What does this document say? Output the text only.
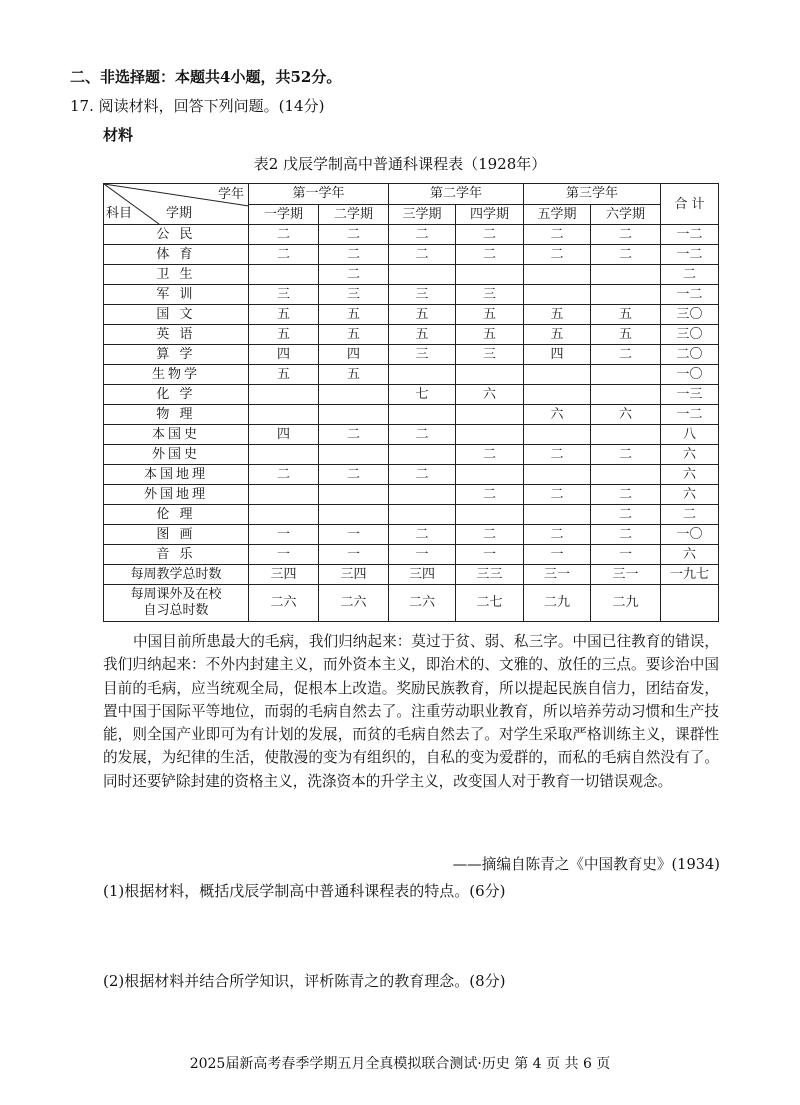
二、非选择题：本题共4小题，共52分。
17. 阅读材料，回答下列问题。(14分)
材料
表2 戊辰学制高中普通科课程表（1928年）
学年
科目 学期	第一学年		第二学年		第三学年		合 计
	一学期	二学期	三学期	四学期	五学期	六学期	
公 民	二	二	二	二	二	二	一二
体 育	二	二	二	二	二	二	一二
卫 生		二					二
军 训	三	三	三	三			一二
国 文	五	五	五	五	五	五	三〇
英 语	五	五	五	五	五	五	三〇
算 学	四	四	三	三	四	二	二〇
生物学	五	五					一〇
化 学			七	六			一三
物 理					六	六	一二
本国史	四	二	二				八
外国史				二	二	二	六
本国地理	二	二	二				六
外国地理				二	二	二	六
伦 理						二	二
图 画	一	一	二	二	二	二	一〇
音 乐	一	一	一	一	一	一	六
每周教学总时数	三四	三四	三四	三三	三一	三一	一九七
每周课外及在校
自习总时数	二六	二六	二六	二七	二九	二九	
中国目前所患最大的毛病，我们归纳起来：莫过于贫、弱、私三字。中国已往教育的错误，我们归纳起来：不外内封建主义，而外资本主义，即治术的、文雅的、放任的三点。要诊治中国目前的毛病，应当统观全局，促根本上改造。奖励民族教育，所以提起民族自信力，团结奋发，置中国于国际平等地位，而弱的毛病自然去了。注重劳动职业教育，所以培养劳动习惯和生产技能，则全国产业即可为有计划的发展，而贫的毛病自然去了。对学生采取严格训练主义，课群性的发展，为纪律的生活，使散漫的变为有组织的，自私的变为爱群的，而私的毛病自然没有了。同时还要铲除封建的资格主义，洗涤资本的升学主义，改变国人对于教育一切错误观念。
——摘编自陈青之《中国教育史》(1934)
(1)根据材料，概括戊辰学制高中普通科课程表的特点。(6分)
(2)根据材料并结合所学知识，评析陈青之的教育理念。(8分)
2025届新高考春季学期五月全真模拟联合测试·历史 第 4 页 共 6 页
